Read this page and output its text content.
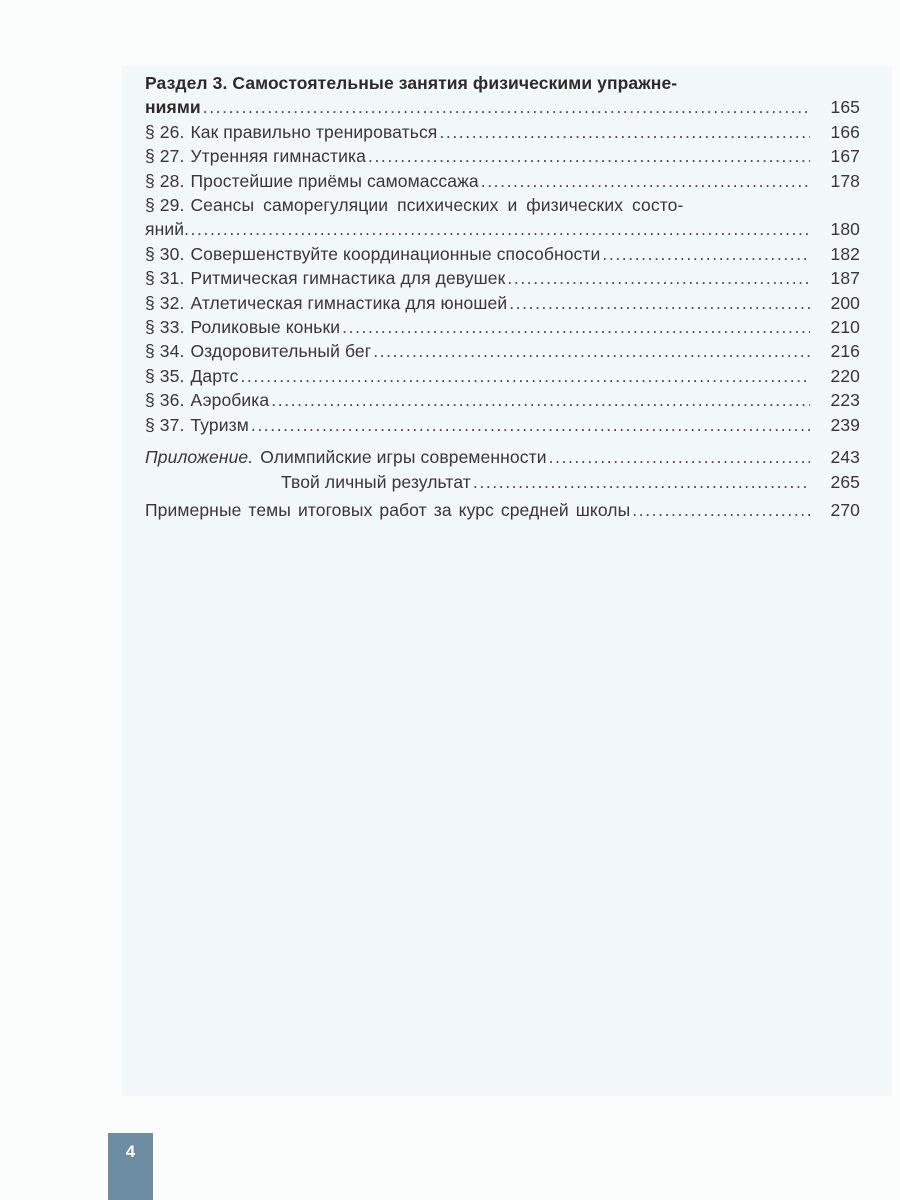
Раздел 3. Самостоятельные занятия физическими упражне-
ниями .....	165
§ 26. Как правильно тренироваться .....	166
§ 27. Утренняя гимнастика .....	167
§ 28. Простейшие приёмы самомассажа .....	178
§ 29. Сеансы саморегуляции психических и физических состо-
яний .....	180
§ 30. Совершенствуйте координационные способности .....	182
§ 31. Ритмическая гимнастика для девушек .....	187
§ 32. Атлетическая гимнастика для юношей .....	200
§ 33. Роликовые коньки .....	210
§ 34. Оздоровительный бег .....	216
§ 35. Дартс .....	220
§ 36. Аэробика .....	223
§ 37. Туризм .....	239
Приложение. Олимпийские игры современности .....	243
Твой личный результат .....	265
Примерные темы итоговых работ за курс средней школы .....	270
4
